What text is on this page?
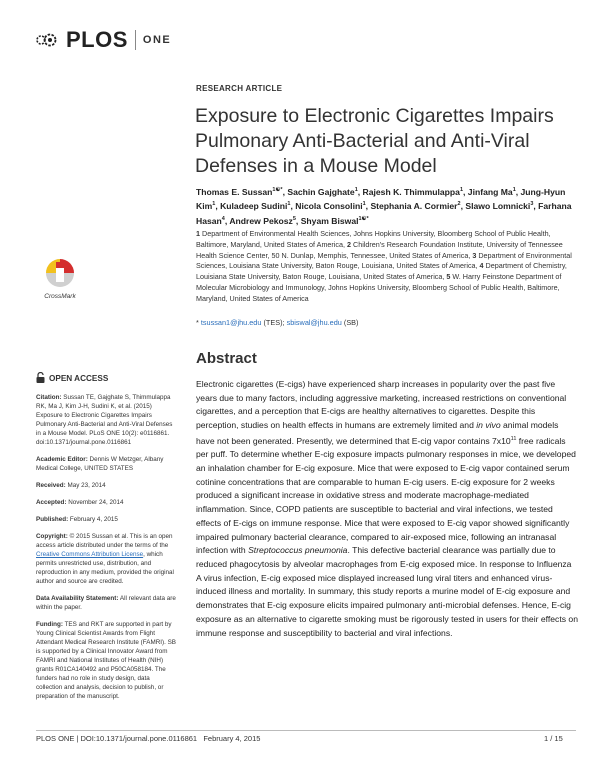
PLOS ONE
RESEARCH ARTICLE
Exposure to Electronic Cigarettes Impairs Pulmonary Anti-Bacterial and Anti-Viral Defenses in a Mouse Model
Thomas E. Sussan$^{1☯*}$, Sachin Gajghate$^1$, Rajesh K. Thimmulappa$^1$, Jinfang Ma$^1$, Jung-Hyun Kim$^1$, Kuladeep Sudini$^1$, Nicola Consolini$^1$, Stephania A. Cormier$^2$, Slawo Lomnicki$^3$, Farhana Hasan$^4$, Andrew Pekosz$^5$, Shyam Biswal$^{1☯*}$
1 Department of Environmental Health Sciences, Johns Hopkins University, Bloomberg School of Public Health, Baltimore, Maryland, United States of America, 2 Children's Research Foundation Institute, University of Tennessee Health Science Center, 50 N. Dunlap, Memphis, Tennessee, United States of America, 3 Department of Environmental Sciences, Louisiana State University, Baton Rouge, Louisiana, United States of America, 4 Department of Chemistry, Louisiana State University, Baton Rouge, Louisiana, United States of America, 5 W. Harry Feinstone Department of Molecular Microbiology and Immunology, Johns Hopkins University, Bloomberg School of Public Health, Baltimore, Maryland, United States of America
* tsussan1@jhu.edu (TES); sbiswal@jhu.edu (SB)
CrossMark
OPEN ACCESS

Citation: Sussan TE, Gajghate S, Thimmulappa RK, Ma J, Kim J-H, Sudini K, et al. (2015) Exposure to Electronic Cigarettes Impairs Pulmonary Anti-Bacterial and Anti-Viral Defenses in a Mouse Model. PLoS ONE 10(2): e0116861. doi:10.1371/journal.pone.0116861

Academic Editor: Dennis W Metzger, Albany Medical College, UNITED STATES

Received: May 23, 2014

Accepted: November 24, 2014

Published: February 4, 2015

Copyright: © 2015 Sussan et al. This is an open access article distributed under the terms of the Creative Commons Attribution License, which permits unrestricted use, distribution, and reproduction in any medium, provided the original author and source are credited.

Data Availability Statement: All relevant data are within the paper.

Funding: TES and RKT are supported in part by Young Clinical Scientist Awards from Flight Attendant Medical Research Institute (FAMRI). SB is supported by a Clinical Innovator Award from FAMRI and National Institutes of Health (NIH) grants R01CA140492 and P50CA058184. The funders had no role in study design, data collection and analysis, decision to publish, or preparation of the manuscript.

Abstract

Electronic cigarettes (E-cigs) have experienced sharp increases in popularity over the past five years due to many factors, including aggressive marketing, increased restrictions on conventional cigarettes, and a perception that E-cigs are healthy alternatives to cigarettes. Despite this perception, studies on health effects in humans are extremely limited and in vivo animal models have not been generated. Presently, we determined that E-cig vapor contains $7x10^{11}$ free radicals per puff. To determine whether E-cig exposure impacts pulmonary responses in mice, we developed an inhalation chamber for E-cig exposure. Mice that were exposed to E-cig vapor contained serum cotinine concentrations that are comparable to human E-cig users. E-cig exposure for 2 weeks produced a significant increase in oxidative stress and moderate macrophage-mediated inflammation. Since, COPD patients are susceptible to bacterial and viral infections, we tested effects of E-cigs on immune response. Mice that were exposed to E-cig vapor showed significantly impaired pulmonary bacterial clearance, compared to air-exposed mice, following an intranasal infection with Streptococcus pneumonia. This defective bacterial clearance was partially due to reduced phagocytosis by alveolar macrophages from E-cig exposed mice. In response to Influenza A virus infection, E-cig exposed mice displayed increased lung viral titers and enhanced virus-induced illness and mortality. In summary, this study reports a murine model of E-cig exposure and demonstrates that E-cig exposure elicits impaired pulmonary anti-microbial defenses. Hence, E-cig exposure as an alternative to cigarette smoking must be rigorously tested in users for their effects on immune response and susceptibility to bacterial and viral infections.

PLOS ONE | DOI:10.1371/journal.pone.0116861   February 4, 2015	1 / 15
